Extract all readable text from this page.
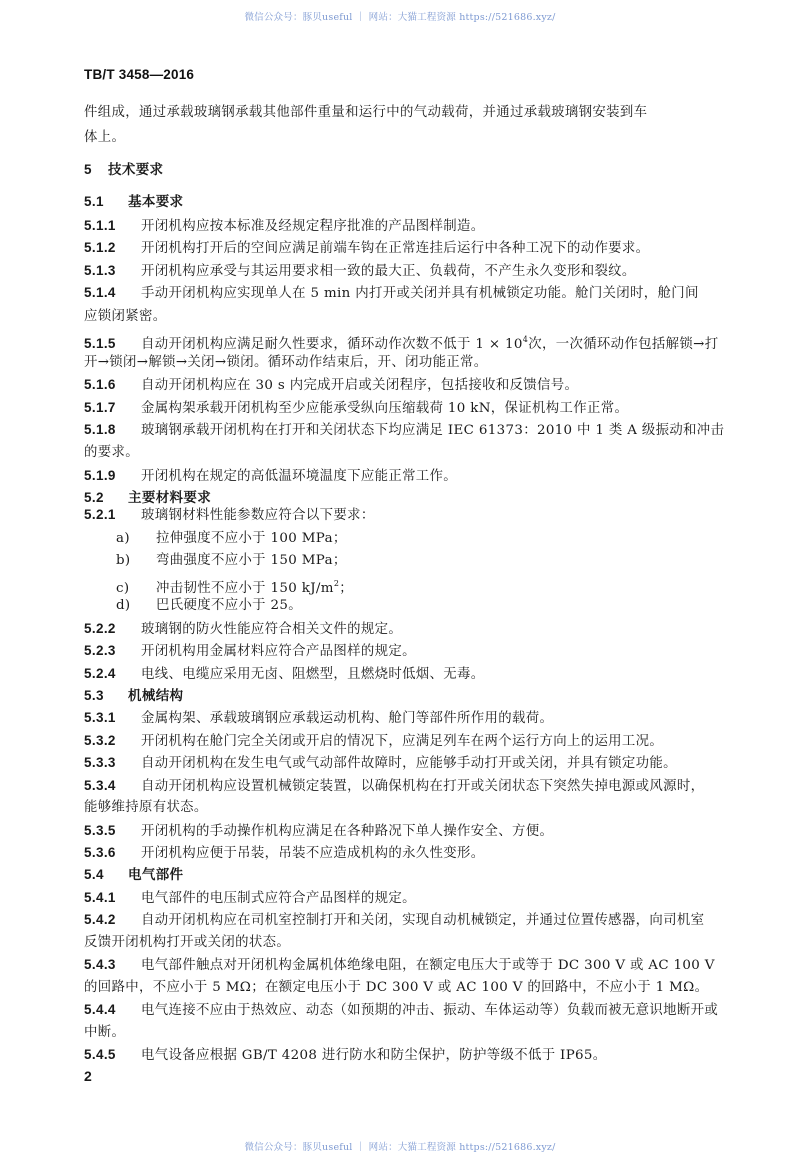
微信公众号：豚贝useful ｜ 网站：大猫工程资源 https://521686.xyz/
TB/T 3458—2016
件组成，通过承载玻璃钢承载其他部件重量和运行中的气动载荷，并通过承载玻璃钢安装到车
体上。
5 技术要求
5.1 基本要求
5.1.1 开闭机构应按本标准及经规定程序批准的产品图样制造。
5.1.2 开闭机构打开后的空间应满足前端车钩在正常连挂后运行中各种工况下的动作要求。
5.1.3 开闭机构应承受与其运用要求相一致的最大正、负载荷，不产生永久变形和裂纹。
5.1.4 手动开闭机构应实现单人在 5 min 内打开或关闭并具有机械锁定功能。舱门关闭时，舱门间
应锁闭紧密。
5.1.5 自动开闭机构应满足耐久性要求，循环动作次数不低于 $1 \times 10^4$次，一次循环动作包括解锁→打
开→锁闭→解锁→关闭→锁闭。循环动作结束后，开、闭功能正常。
5.1.6 自动开闭机构应在 30 s 内完成开启或关闭程序，包括接收和反馈信号。
5.1.7 金属构架承载开闭机构至少应能承受纵向压缩载荷 10 kN，保证机构工作正常。
5.1.8 玻璃钢承载开闭机构在打开和关闭状态下均应满足 IEC 61373：2010 中 1 类 A 级振动和冲击
的要求。
5.1.9 开闭机构在规定的高低温环境温度下应能正常工作。
5.2 主要材料要求
5.2.1 玻璃钢材料性能参数应符合以下要求：
a) 拉伸强度不应小于 100 MPa；
b) 弯曲强度不应小于 150 MPa；
c) 冲击韧性不应小于 150 $kJ/m^2$；
d) 巴氏硬度不应小于 25。
5.2.2 玻璃钢的防火性能应符合相关文件的规定。
5.2.3 开闭机构用金属材料应符合产品图样的规定。
5.2.4 电线、电缆应采用无卤、阻燃型，且燃烧时低烟、无毒。
5.3 机械结构
5.3.1 金属构架、承载玻璃钢应承载运动机构、舱门等部件所作用的载荷。
5.3.2 开闭机构在舱门完全关闭或开启的情况下，应满足列车在两个运行方向上的运用工况。
5.3.3 自动开闭机构在发生电气或气动部件故障时，应能够手动打开或关闭，并具有锁定功能。
5.3.4 自动开闭机构应设置机械锁定装置，以确保机构在打开或关闭状态下突然失掉电源或风源时，
能够维持原有状态。
5.3.5 开闭机构的手动操作机构应满足在各种路况下单人操作安全、方便。
5.3.6 开闭机构应便于吊装，吊装不应造成机构的永久性变形。
5.4 电气部件
5.4.1 电气部件的电压制式应符合产品图样的规定。
5.4.2 自动开闭机构应在司机室控制打开和关闭，实现自动机械锁定，并通过位置传感器，向司机室
反馈开闭机构打开或关闭的状态。
5.4.3 电气部件触点对开闭机构金属机体绝缘电阻，在额定电压大于或等于 DC 300 V 或 AC 100 V
的回路中，不应小于 5 MΩ；在额定电压小于 DC 300 V 或 AC 100 V 的回路中，不应小于 1 MΩ。
5.4.4 电气连接不应由于热效应、动态（如预期的冲击、振动、车体运动等）负载而被无意识地断开或
中断。
5.4.5 电气设备应根据 GB/T 4208 进行防水和防尘保护，防护等级不低于 IP65。
2
微信公众号：豚贝useful ｜ 网站：大猫工程资源 https://521686.xyz/
